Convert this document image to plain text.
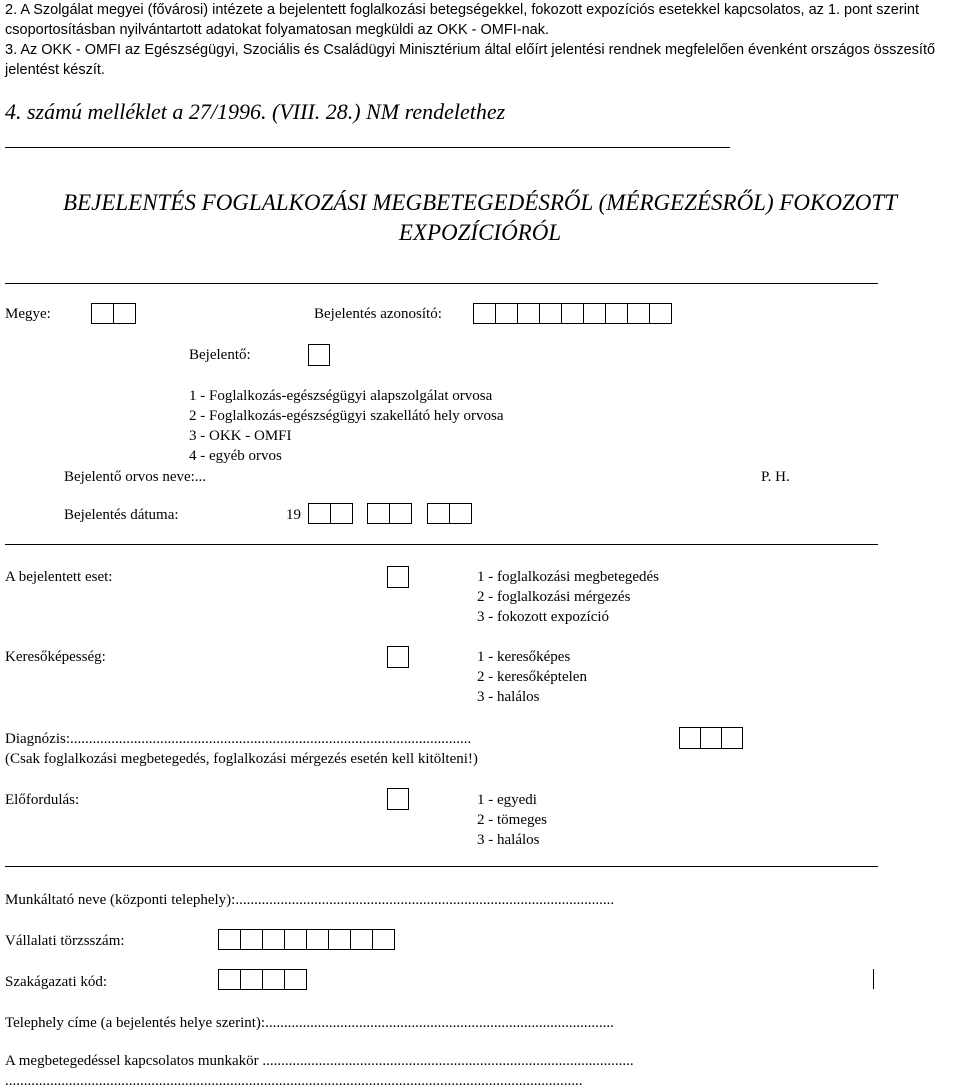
2. A Szolgálat megyei (fővárosi) intézete a bejelentett foglalkozási betegségekkel, fokozott expozíciós esetekkel kapcsolatos, az 1. pont szerint csoportosításban nyilvántartott adatokat folyamatosan megküldi az OKK - OMFI-nak.

3. Az OKK - OMFI az Egészségügyi, Szociális és Családügyi Minisztérium által előírt jelentési rendnek megfelelően évenként országos összesítő jelentést készít.

4. számú melléklet a 27/1996. (VIII. 28.) NM rendelethez
BEJELENTÉS FOGLALKOZÁSI MEGBETEGEDÉSRŐL (MÉRGEZÉSRŐL) FOKOZOTT EXPOZÍCIÓRÓL
Megye:	Bejelentés azonosító:
Bejelentő:
1 - Foglalkozás-egészségügyi alapszolgálat orvosa
2 - Foglalkozás-egészségügyi szakellátó hely orvosa
3 - OKK - OMFI
4 - egyéb orvos
Bejelentő orvos neve:...	P. H.
Bejelentés dátuma:	19
A bejelentett eset:	1 - foglalkozási megbetegedés
2 - foglalkozási mérgezés
3 - fokozott expozíció
Keresőképesség:	1 - keresőképes
2 - keresőképtelen
3 - halálos
Diagnózis:...........................................................................................................
(Csak foglalkozási megbetegedés, foglalkozási mérgezés esetén kell kitölteni!)
Előfordulás:	1 - egyedi
2 - tömeges
3 - halálos
Munkáltató neve (központi telephely):.....................................................................................................
Vállalati törzsszám:
Szakágazati kód:
Telephely címe (a bejelentés helye szerint):.............................................................................................
A megbetegedéssel kapcsolatos munkakör ...................................................................................................
..........................................................................................................................................................
